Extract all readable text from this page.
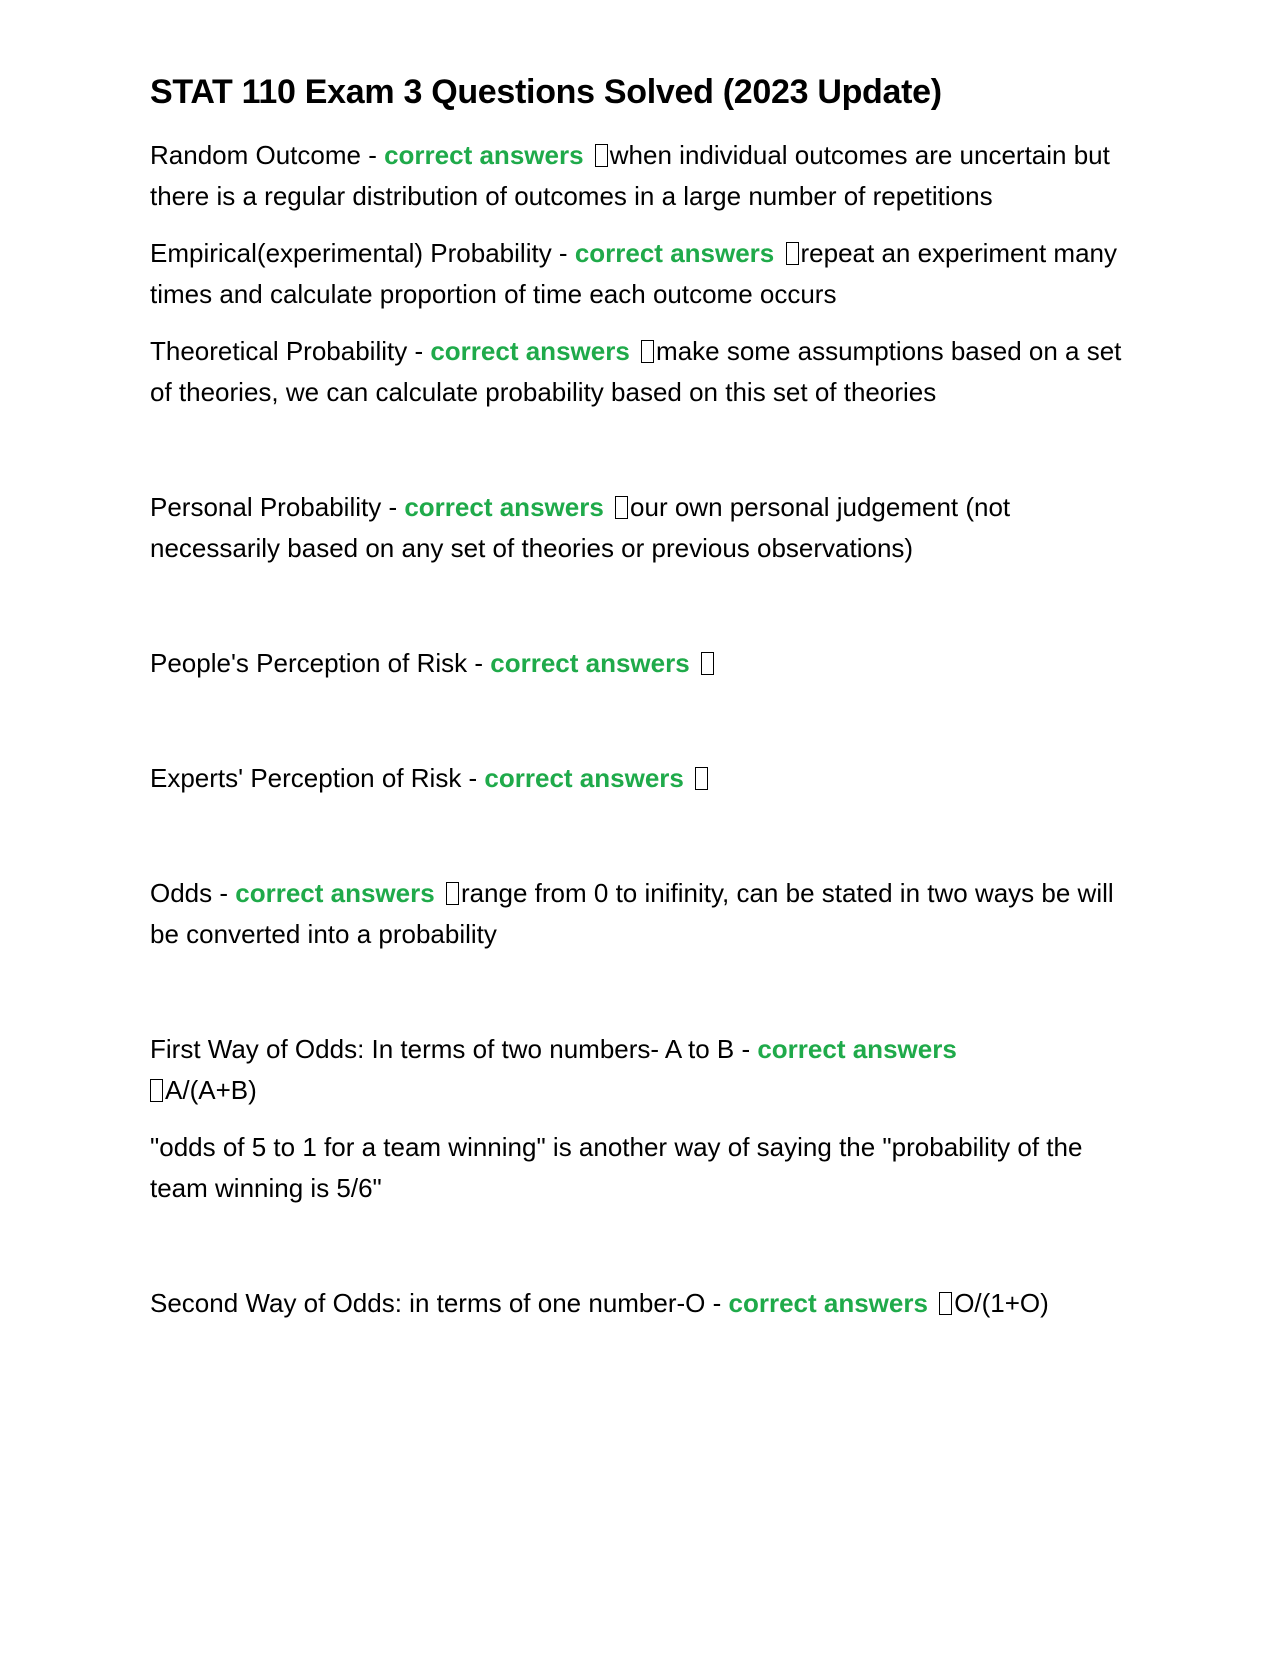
STAT 110 Exam 3 Questions Solved (2023 Update)

Random Outcome - correct answers when individual outcomes are uncertain but there is a regular distribution of outcomes in a large number of repetitions

Empirical(experimental) Probability - correct answers repeat an experiment many times and calculate proportion of time each outcome occurs

Theoretical Probability - correct answers make some assumptions based on a set of theories, we can calculate probability based on this set of theories

Personal Probability - correct answers our own personal judgement (not necessarily based on any set of theories or previous observations)

People's Perception of Risk - correct answers

Experts' Perception of Risk - correct answers

Odds - correct answers range from 0 to inifinity, can be stated in two ways be will be converted into a probability

First Way of Odds: In terms of two numbers- A to B - correct answers
A/(A+B)

"odds of 5 to 1 for a team winning" is another way of saying the "probability of the team winning is 5/6"

Second Way of Odds: in terms of one number-O - correct answers O/(1+O)
